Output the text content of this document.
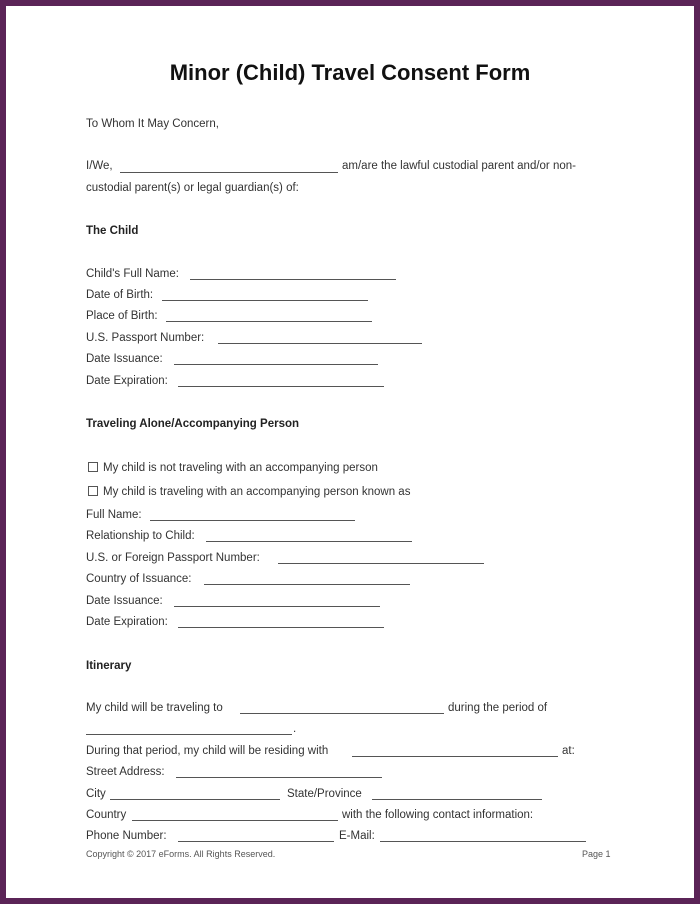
Minor (Child) Travel Consent Form
To Whom It May Concern,
I/We,	am/are the lawful custodial parent and/or non-
custodial parent(s) or legal guardian(s) of:
The Child
Child's Full Name:
Date of Birth:
Place of Birth:
U.S. Passport Number:
Date Issuance:
Date Expiration:
Traveling Alone/Accompanying Person
My child is not traveling with an accompanying person
My child is traveling with an accompanying person known as
Full Name:
Relationship to Child:
U.S. or Foreign Passport Number:
Country of Issuance:
Date Issuance:
Date Expiration:
Itinerary
My child will be traveling to	during the period of
.
During that period, my child will be residing with	at:
Street Address:
City	State/Province
Country	with the following contact information:
Phone Number:	E-Mail:
Copyright © 2017 eForms. All Rights Reserved.	Page 1
